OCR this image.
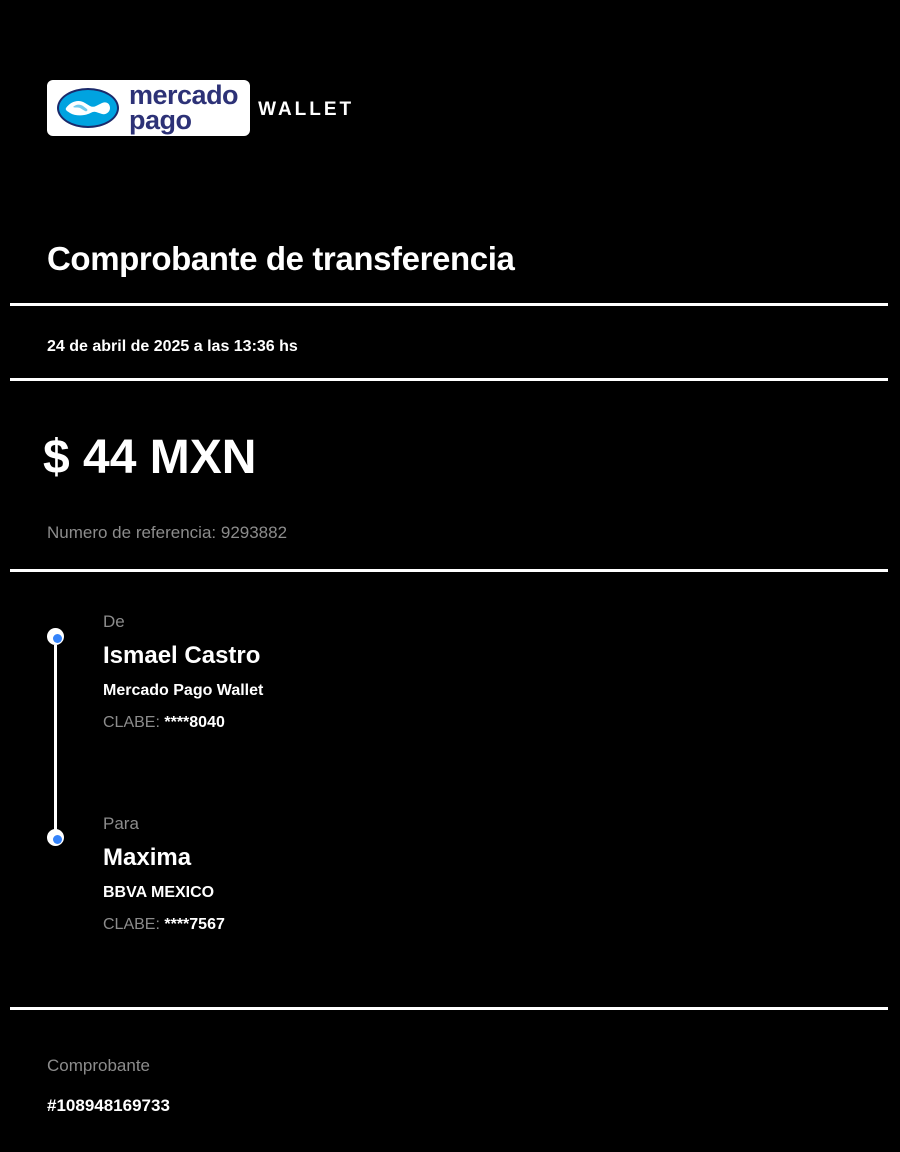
mercado
pago	WALLET
Comprobante de transferencia
24 de abril de 2025 a las 13:36 hs
$ 44 MXN
Numero de referencia: 9293882
De
Ismael Castro
Mercado Pago Wallet
CLABE: ****8040
Para
Maxima
BBVA MEXICO
CLABE: ****7567
Comprobante
#108948169733
